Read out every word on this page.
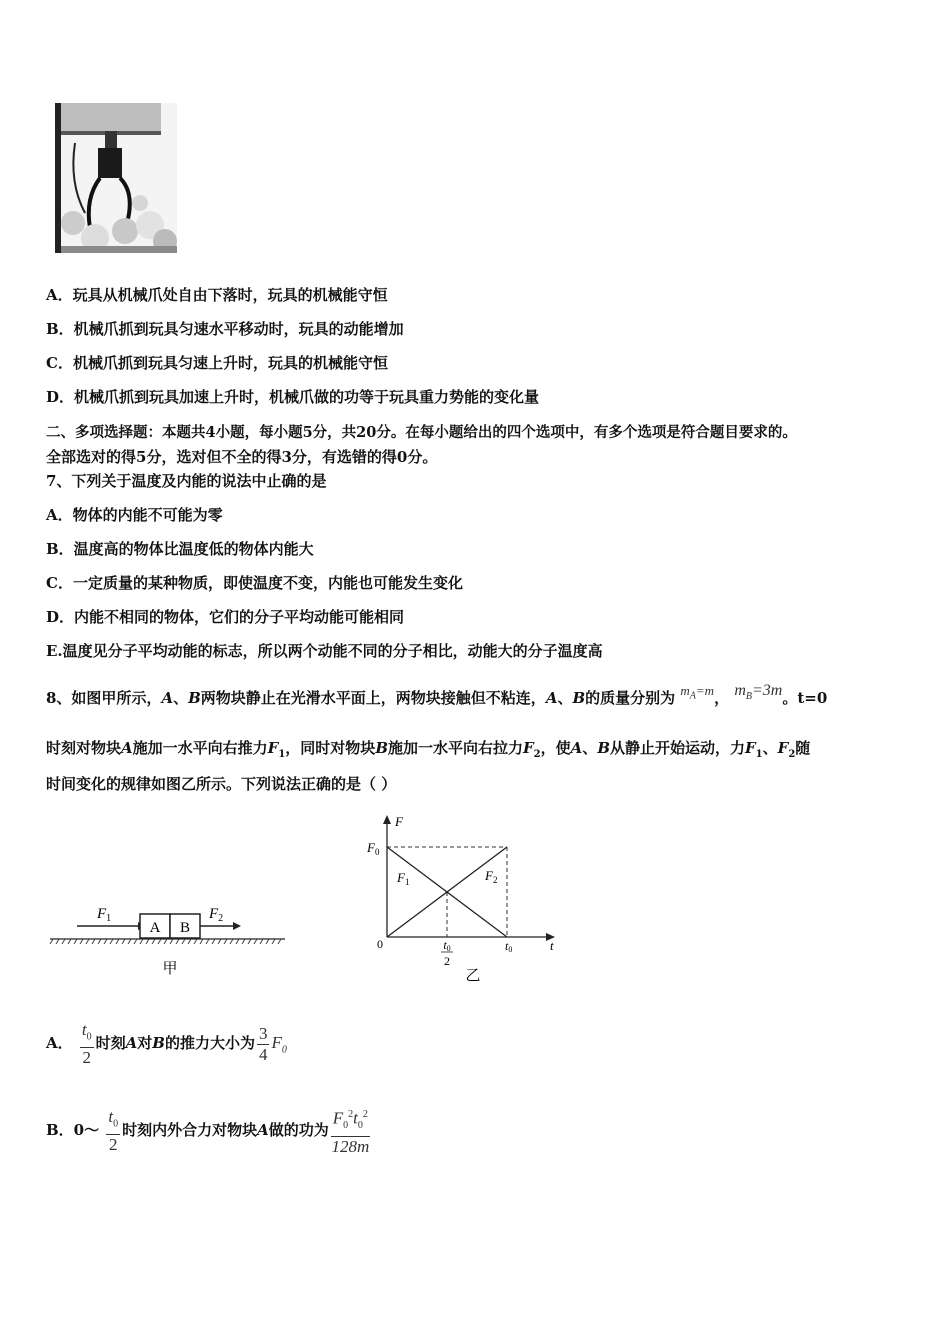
A．玩具从机械爪处自由下落时，玩具的机械能守恒
B．机械爪抓到玩具匀速水平移动时，玩具的动能增加
C．机械爪抓到玩具匀速上升时，玩具的机械能守恒
D．机械爪抓到玩具加速上升时，机械爪做的功等于玩具重力势能的变化量
二、多项选择题：本题共4小题，每小题5分，共20分。在每小题给出的四个选项中，有多个选项是符合题目要求的。
全部选对的得5分，选对但不全的得3分，有选错的得0分。
7、下列关于温度及内能的说法中止确的是
A．物体的内能不可能为零
B．温度高的物体比温度低的物体内能大
C．一定质量的某种物质，即使温度不变，内能也可能发生变化
D．内能不相同的物体，它们的分子平均动能可能相同
E.温度见分子平均动能的标志，所以两个动能不同的分子相比，动能大的分子温度高
8、如图甲所示，A、B两物块静止在光滑水平面上，两物块接触但不粘连，A、B的质量分别为 $m_A=m$， $m_B=3m$。t=0
时刻对物块A施加一水平向右推力$F_1$，同时对物块B施加一水平向右拉力$F_2$，使A、B从静止开始运动，力$F_1$、$F_2$随
时间变化的规律如图乙所示。下列说法正确的是（ ）
A B
$F_1$	$F_2$
甲
F
t
0
$F_0$
$F_1$	$F_2$
t0
2
t0
乙
A． $\frac{t_0}{2}$ 时刻A对B的推力大小为 $\frac{3}{4} F_0$
B．0～ $\frac{t_0}{2}$ 时刻内外合力对物块A做的功为 $\frac{F_0^2t_0^2}{128m}$
